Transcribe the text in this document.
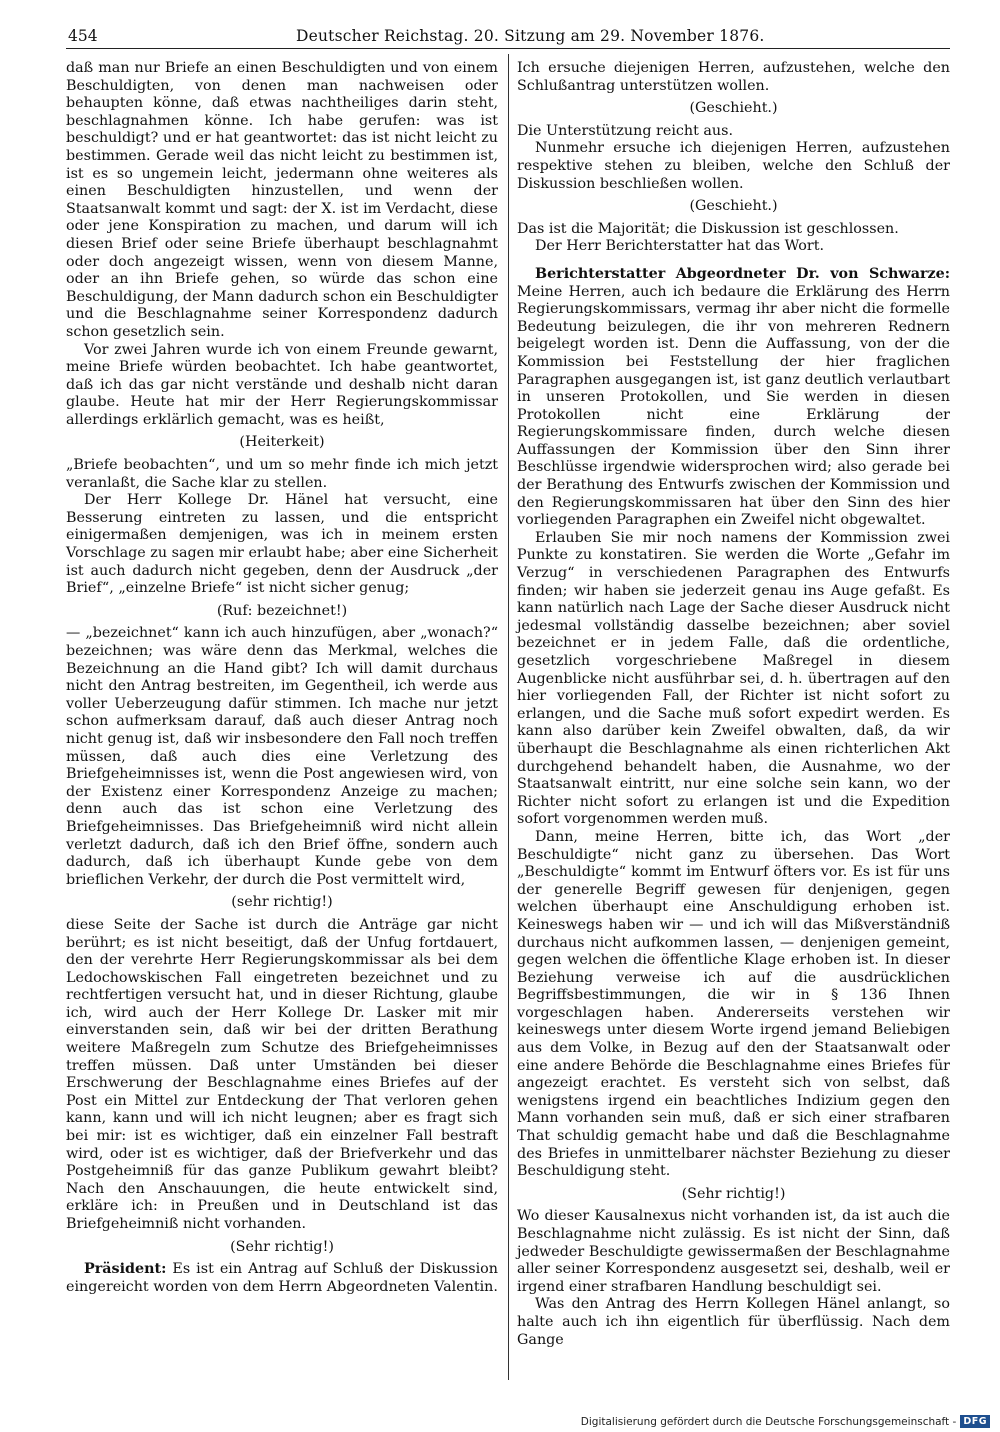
454	Deutscher Reichstag. 20. Sitzung am 29. November 1876.

daß man nur Briefe an einen Beschuldigten und von einem Beschuldigten, von denen man nachweisen oder behaupten könne, daß etwas nachtheiliges darin steht, beschlagnahmen könne. Ich habe gerufen: was ist beschuldigt? und er hat geantwortet: das ist nicht leicht zu bestimmen. Gerade weil das nicht leicht zu bestimmen ist, ist es so ungemein leicht, jedermann ohne weiteres als einen Beschuldigten hinzustellen, und wenn der Staatsanwalt kommt und sagt: der X. ist im Verdacht, diese oder jene Konspiration zu machen, und darum will ich diesen Brief oder seine Briefe überhaupt beschlagnahmt oder doch angezeigt wissen, wenn von diesem Manne, oder an ihn Briefe gehen, so würde das schon eine Beschuldigung, der Mann dadurch schon ein Beschuldigter und die Beschlagnahme seiner Korrespondenz dadurch schon gesetzlich sein.

Vor zwei Jahren wurde ich von einem Freunde gewarnt, meine Briefe würden beobachtet. Ich habe geantwortet, daß ich das gar nicht verstände und deshalb nicht daran glaube. Heute hat mir der Herr Regierungskommissar allerdings erklärlich gemacht, was es heißt,

(Heiterkeit)

„Briefe beobachten“, und um so mehr finde ich mich jetzt veranlaßt, die Sache klar zu stellen.

Der Herr Kollege Dr. Hänel hat versucht, eine Besserung eintreten zu lassen, und die entspricht einigermaßen demjenigen, was ich in meinem ersten Vorschlage zu sagen mir erlaubt habe; aber eine Sicherheit ist auch dadurch nicht gegeben, denn der Ausdruck „der Brief“, „einzelne Briefe“ ist nicht sicher genug;

(Ruf: bezeichnet!)

— „bezeichnet“ kann ich auch hinzufügen, aber „wonach?“ bezeichnen; was wäre denn das Merkmal, welches die Bezeichnung an die Hand gibt? Ich will damit durchaus nicht den Antrag bestreiten, im Gegentheil, ich werde aus voller Ueberzeugung dafür stimmen. Ich mache nur jetzt schon aufmerksam darauf, daß auch dieser Antrag noch nicht genug ist, daß wir insbesondere den Fall noch treffen müssen, daß auch dies eine Verletzung des Briefgeheimnisses ist, wenn die Post angewiesen wird, von der Existenz einer Korrespondenz Anzeige zu machen; denn auch das ist schon eine Verletzung des Briefgeheimnisses. Das Briefgeheimniß wird nicht allein verletzt dadurch, daß ich den Brief öffne, sondern auch dadurch, daß ich überhaupt Kunde gebe von dem brieflichen Verkehr, der durch die Post vermittelt wird,

(sehr richtig!)

diese Seite der Sache ist durch die Anträge gar nicht berührt; es ist nicht beseitigt, daß der Unfug fortdauert, den der verehrte Herr Regierungskommissar als bei dem Ledochowskischen Fall eingetreten bezeichnet und zu rechtfertigen versucht hat, und in dieser Richtung, glaube ich, wird auch der Herr Kollege Dr. Lasker mit mir einverstanden sein, daß wir bei der dritten Berathung weitere Maßregeln zum Schutze des Briefgeheimnisses treffen müssen. Daß unter Umständen bei dieser Erschwerung der Beschlagnahme eines Briefes auf der Post ein Mittel zur Entdeckung der That verloren gehen kann, kann und will ich nicht leugnen; aber es fragt sich bei mir: ist es wichtiger, daß ein einzelner Fall bestraft wird, oder ist es wichtiger, daß der Briefverkehr und das Postgeheimniß für das ganze Publikum gewahrt bleibt? Nach den Anschauungen, die heute entwickelt sind, erkläre ich: in Preußen und in Deutschland ist das Briefgeheimniß nicht vorhanden.

(Sehr richtig!)

Präsident: Es ist ein Antrag auf Schluß der Diskussion eingereicht worden von dem Herrn Abgeordneten Valentin.

Ich ersuche diejenigen Herren, aufzustehen, welche den Schlußantrag unterstützen wollen.

(Geschieht.)

Die Unterstützung reicht aus.

Nunmehr ersuche ich diejenigen Herren, aufzustehen respektive stehen zu bleiben, welche den Schluß der Diskussion beschließen wollen.

(Geschieht.)

Das ist die Majorität; die Diskussion ist geschlossen.

Der Herr Berichterstatter hat das Wort.

Berichterstatter Abgeordneter Dr. von Schwarze: Meine Herren, auch ich bedaure die Erklärung des Herrn Regierungskommissars, vermag ihr aber nicht die formelle Bedeutung beizulegen, die ihr von mehreren Rednern beigelegt worden ist. Denn die Auffassung, von der die Kommission bei Feststellung der hier fraglichen Paragraphen ausgegangen ist, ist ganz deutlich verlautbart in unseren Protokollen, und Sie werden in diesen Protokollen nicht eine Erklärung der Regierungskommissare finden, durch welche diesen Auffassungen der Kommission über den Sinn ihrer Beschlüsse irgendwie widersprochen wird; also gerade bei der Berathung des Entwurfs zwischen der Kommission und den Regierungskommissaren hat über den Sinn des hier vorliegenden Paragraphen ein Zweifel nicht obgewaltet.

Erlauben Sie mir noch namens der Kommission zwei Punkte zu konstatiren. Sie werden die Worte „Gefahr im Verzug“ in verschiedenen Paragraphen des Entwurfs finden; wir haben sie jederzeit genau ins Auge gefaßt. Es kann natürlich nach Lage der Sache dieser Ausdruck nicht jedesmal vollständig dasselbe bezeichnen; aber soviel bezeichnet er in jedem Falle, daß die ordentliche, gesetzlich vorgeschriebene Maßregel in diesem Augenblicke nicht ausführbar sei, d. h. übertragen auf den hier vorliegenden Fall, der Richter ist nicht sofort zu erlangen, und die Sache muß sofort expedirt werden. Es kann also darüber kein Zweifel obwalten, daß, da wir überhaupt die Beschlagnahme als einen richterlichen Akt durchgehend behandelt haben, die Ausnahme, wo der Staatsanwalt eintritt, nur eine solche sein kann, wo der Richter nicht sofort zu erlangen ist und die Expedition sofort vorgenommen werden muß.

Dann, meine Herren, bitte ich, das Wort „der Beschuldigte“ nicht ganz zu übersehen. Das Wort „Beschuldigte“ kommt im Entwurf öfters vor. Es ist für uns der generelle Begriff gewesen für denjenigen, gegen welchen überhaupt eine Anschuldigung erhoben ist. Keineswegs haben wir — und ich will das Mißverständniß durchaus nicht aufkommen lassen, — denjenigen gemeint, gegen welchen die öffentliche Klage erhoben ist. In dieser Beziehung verweise ich auf die ausdrücklichen Begriffsbestimmungen, die wir in § 136 Ihnen vorgeschlagen haben. Andererseits verstehen wir keineswegs unter diesem Worte irgend jemand Beliebigen aus dem Volke, in Bezug auf den der Staatsanwalt oder eine andere Behörde die Beschlagnahme eines Briefes für angezeigt erachtet. Es versteht sich von selbst, daß wenigstens irgend ein beachtliches Indizium gegen den Mann vorhanden sein muß, daß er sich einer strafbaren That schuldig gemacht habe und daß die Beschlagnahme des Briefes in unmittelbarer nächster Beziehung zu dieser Beschuldigung steht.

(Sehr richtig!)

Wo dieser Kausalnexus nicht vorhanden ist, da ist auch die Beschlagnahme nicht zulässig. Es ist nicht der Sinn, daß jedweder Beschuldigte gewissermaßen der Beschlagnahme aller seiner Korrespondenz ausgesetzt sei, deshalb, weil er irgend einer strafbaren Handlung beschuldigt sei.

Was den Antrag des Herrn Kollegen Hänel anlangt, so halte auch ich ihn eigentlich für überflüssig. Nach dem Gange

Digitalisierung gefördert durch die Deutsche Forschungsgemeinschaft - DFG
